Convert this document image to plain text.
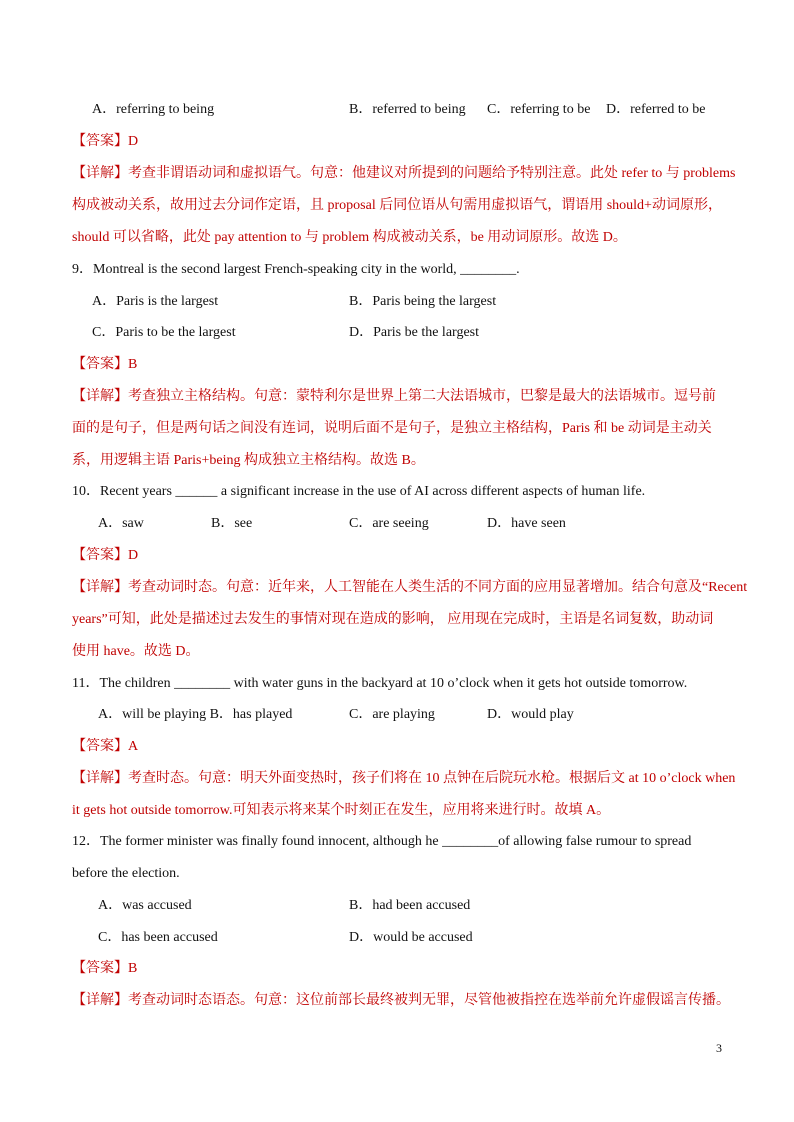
A．referring to being	B．referred to being C．referring to be D．referred to be
【答案】D
【详解】考查非谓语动词和虚拟语气。句意：他建议对所提到的问题给予特别注意。此处 refer to 与 problems
构成被动关系，故用过去分词作定语，且 proposal 后同位语从句需用虚拟语气，谓语用 should+动词原形，
should 可以省略，此处 pay attention to 与 problem 构成被动关系，be 用动词原形。故选 D。
9．Montreal is the second largest French-speaking city in the world, ________.
A．Paris is the largest	B．Paris being the largest
C．Paris to be the largest	D．Paris be the largest
【答案】B
【详解】考查独立主格结构。句意：蒙特利尔是世界上第二大法语城市，巴黎是最大的法语城市。逗号前
面的是句子，但是两句话之间没有连词，说明后面不是句子，是独立主格结构，Paris 和 be 动词是主动关
系，用逻辑主语 Paris+being 构成独立主格结构。故选 B。
10．Recent years ______ a significant increase in the use of AI across different aspects of human life.
A．saw	B．see	C．are seeing	D．have seen
【答案】D
【详解】考查动词时态。句意：近年来，人工智能在人类生活的不同方面的应用显著增加。结合句意及“Recent
years”可知，此处是描述过去发生的事情对现在造成的影响， 应用现在完成时，主语是名词复数，助动词
使用 have。故选 D。
11．The children ________ with water guns in the backyard at 10 o’clock when it gets hot outside tomorrow.
A．will be playing B．has played	C．are playing	D．would play
【答案】A
【详解】考查时态。句意：明天外面变热时，孩子们将在 10 点钟在后院玩水枪。根据后文 at 10 o’clock when
it gets hot outside tomorrow.可知表示将来某个时刻正在发生，应用将来进行时。故填 A。
12．The former minister was finally found innocent, although he ________of allowing false rumour to spread
before the election.
A．was accused	B．had been accused
C．has been accused	D．would be accused
【答案】B
【详解】考查动词时态语态。句意：这位前部长最终被判无罪，尽管他被指控在选举前允许虚假谣言传播。
3
